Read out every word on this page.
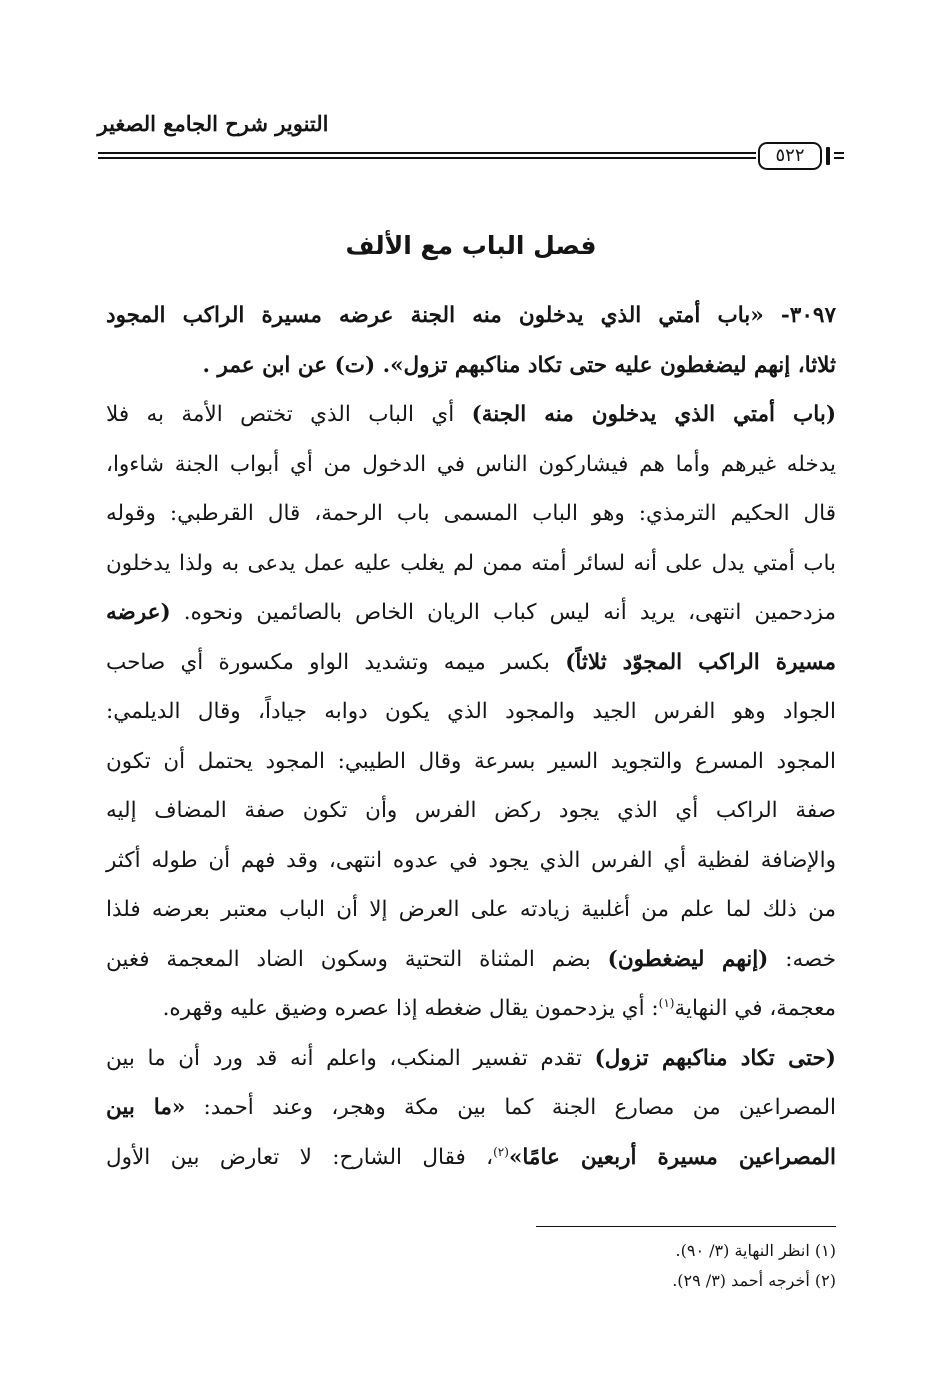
التنوير شرح الجامع الصغير
٥٢٢
فصل الباب مع الألف
٣٠٩٧- «باب أمتي الذي يدخلون منه الجنة عرضه مسيرة الراكب المجود
ثلاثا، إنهم ليضغطون عليه حتى تكاد مناكبهم تزول». (ت) عن ابن عمر .
(باب أمتي الذي يدخلون منه الجنة) أي الباب الذي تختص الأمة به فلا
يدخله غيرهم وأما هم فيشاركون الناس في الدخول من أي أبواب الجنة شاءوا،
قال الحكيم الترمذي: وهو الباب المسمى باب الرحمة، قال القرطبي: وقوله
باب أمتي يدل على أنه لسائر أمته ممن لم يغلب عليه عمل يدعى به ولذا يدخلون
مزدحمين انتهى، يريد أنه ليس كباب الريان الخاص بالصائمين ونحوه. (عرضه
مسيرة الراكب المجوّد ثلاثاً) بكسر ميمه وتشديد الواو مكسورة أي صاحب
الجواد وهو الفرس الجيد والمجود الذي يكون دوابه جياداً، وقال الديلمي:
المجود المسرع والتجويد السير بسرعة وقال الطيبي: المجود يحتمل أن تكون
صفة الراكب أي الذي يجود ركض الفرس وأن تكون صفة المضاف إليه
والإضافة لفظية أي الفرس الذي يجود في عدوه انتهى، وقد فهم أن طوله أكثر
من ذلك لما علم من أغلبية زيادته على العرض إلا أن الباب معتبر بعرضه فلذا
خصه: (إنهم ليضغطون) بضم المثناة التحتية وسكون الضاد المعجمة فغين
معجمة، في النهاية$^{(١)}$: أي يزدحمون يقال ضغطه إذا عصره وضيق عليه وقهره.
(حتى تكاد مناكبهم تزول) تقدم تفسير المنكب، واعلم أنه قد ورد أن ما بين
المصراعين من مصارع الجنة كما بين مكة وهجر، وعند أحمد: «ما بين
المصراعين مسيرة أربعين عامًا»$^{(٢)}$، فقال الشارح: لا تعارض بين الأول
(١) انظر النهاية (٣/ ٩٠).
(٢) أخرجه أحمد (٣/ ٢٩).
